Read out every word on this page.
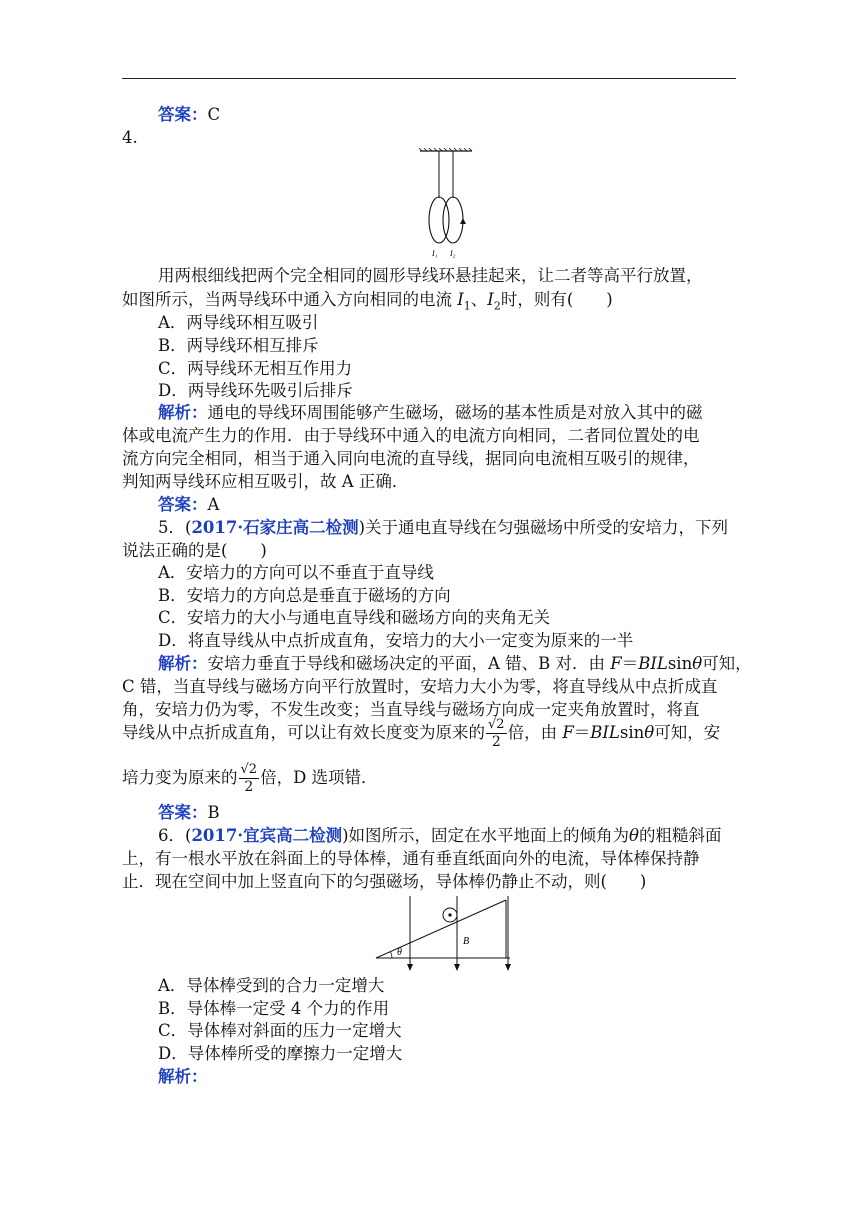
答案：C
4.
I₁ I₂
用两根细线把两个完全相同的圆形导线环悬挂起来，让二者等高平行放置，
如图所示，当两导线环中通入方向相同的电流 $I_1$、$I_2$时，则有(　　)
A．两导线环相互吸引
B．两导线环相互排斥
C．两导线环无相互作用力
D．两导线环先吸引后排斥
解析：通电的导线环周围能够产生磁场，磁场的基本性质是对放入其中的磁
体或电流产生力的作用．由于导线环中通入的电流方向相同，二者同位置处的电
流方向完全相同，相当于通入同向电流的直导线，据同向电流相互吸引的规律，
判知两导线环应相互吸引，故 A 正确．
答案：A
5．(2017·石家庄高二检测)关于通电直导线在匀强磁场中所受的安培力，下列
说法正确的是(　　)
A．安培力的方向可以不垂直于直导线
B．安培力的方向总是垂直于磁场的方向
C．安培力的大小与通电直导线和磁场方向的夹角无关
D．将直导线从中点折成直角，安培力的大小一定变为原来的一半
解析：安培力垂直于导线和磁场决定的平面，A 错、B 对．由 F＝BILsinθ可知，
C 错，当直导线与磁场方向平行放置时，安培力大小为零，将直导线从中点折成直
角，安培力仍为零，不发生改变；当直导线与磁场方向成一定夹角放置时，将直
导线从中点折成直角，可以让有效长度变为原来的 $\frac{√2}{2}$ 倍，由 F＝BILsinθ可知，安
培力变为原来的 $\frac{√2}{2}$ 倍，D 选项错．
答案：B
6．(2017·宜宾高二检测)如图所示，固定在水平地面上的倾角为θ的粗糙斜面
上，有一根水平放在斜面上的导体棒，通有垂直纸面向外的电流，导体棒保持静
止．现在空间中加上竖直向下的匀强磁场，导体棒仍静止不动，则(　　)
θ
B
A．导体棒受到的合力一定增大
B．导体棒一定受 4 个力的作用
C．导体棒对斜面的压力一定增大
D．导体棒所受的摩擦力一定增大
解析：
